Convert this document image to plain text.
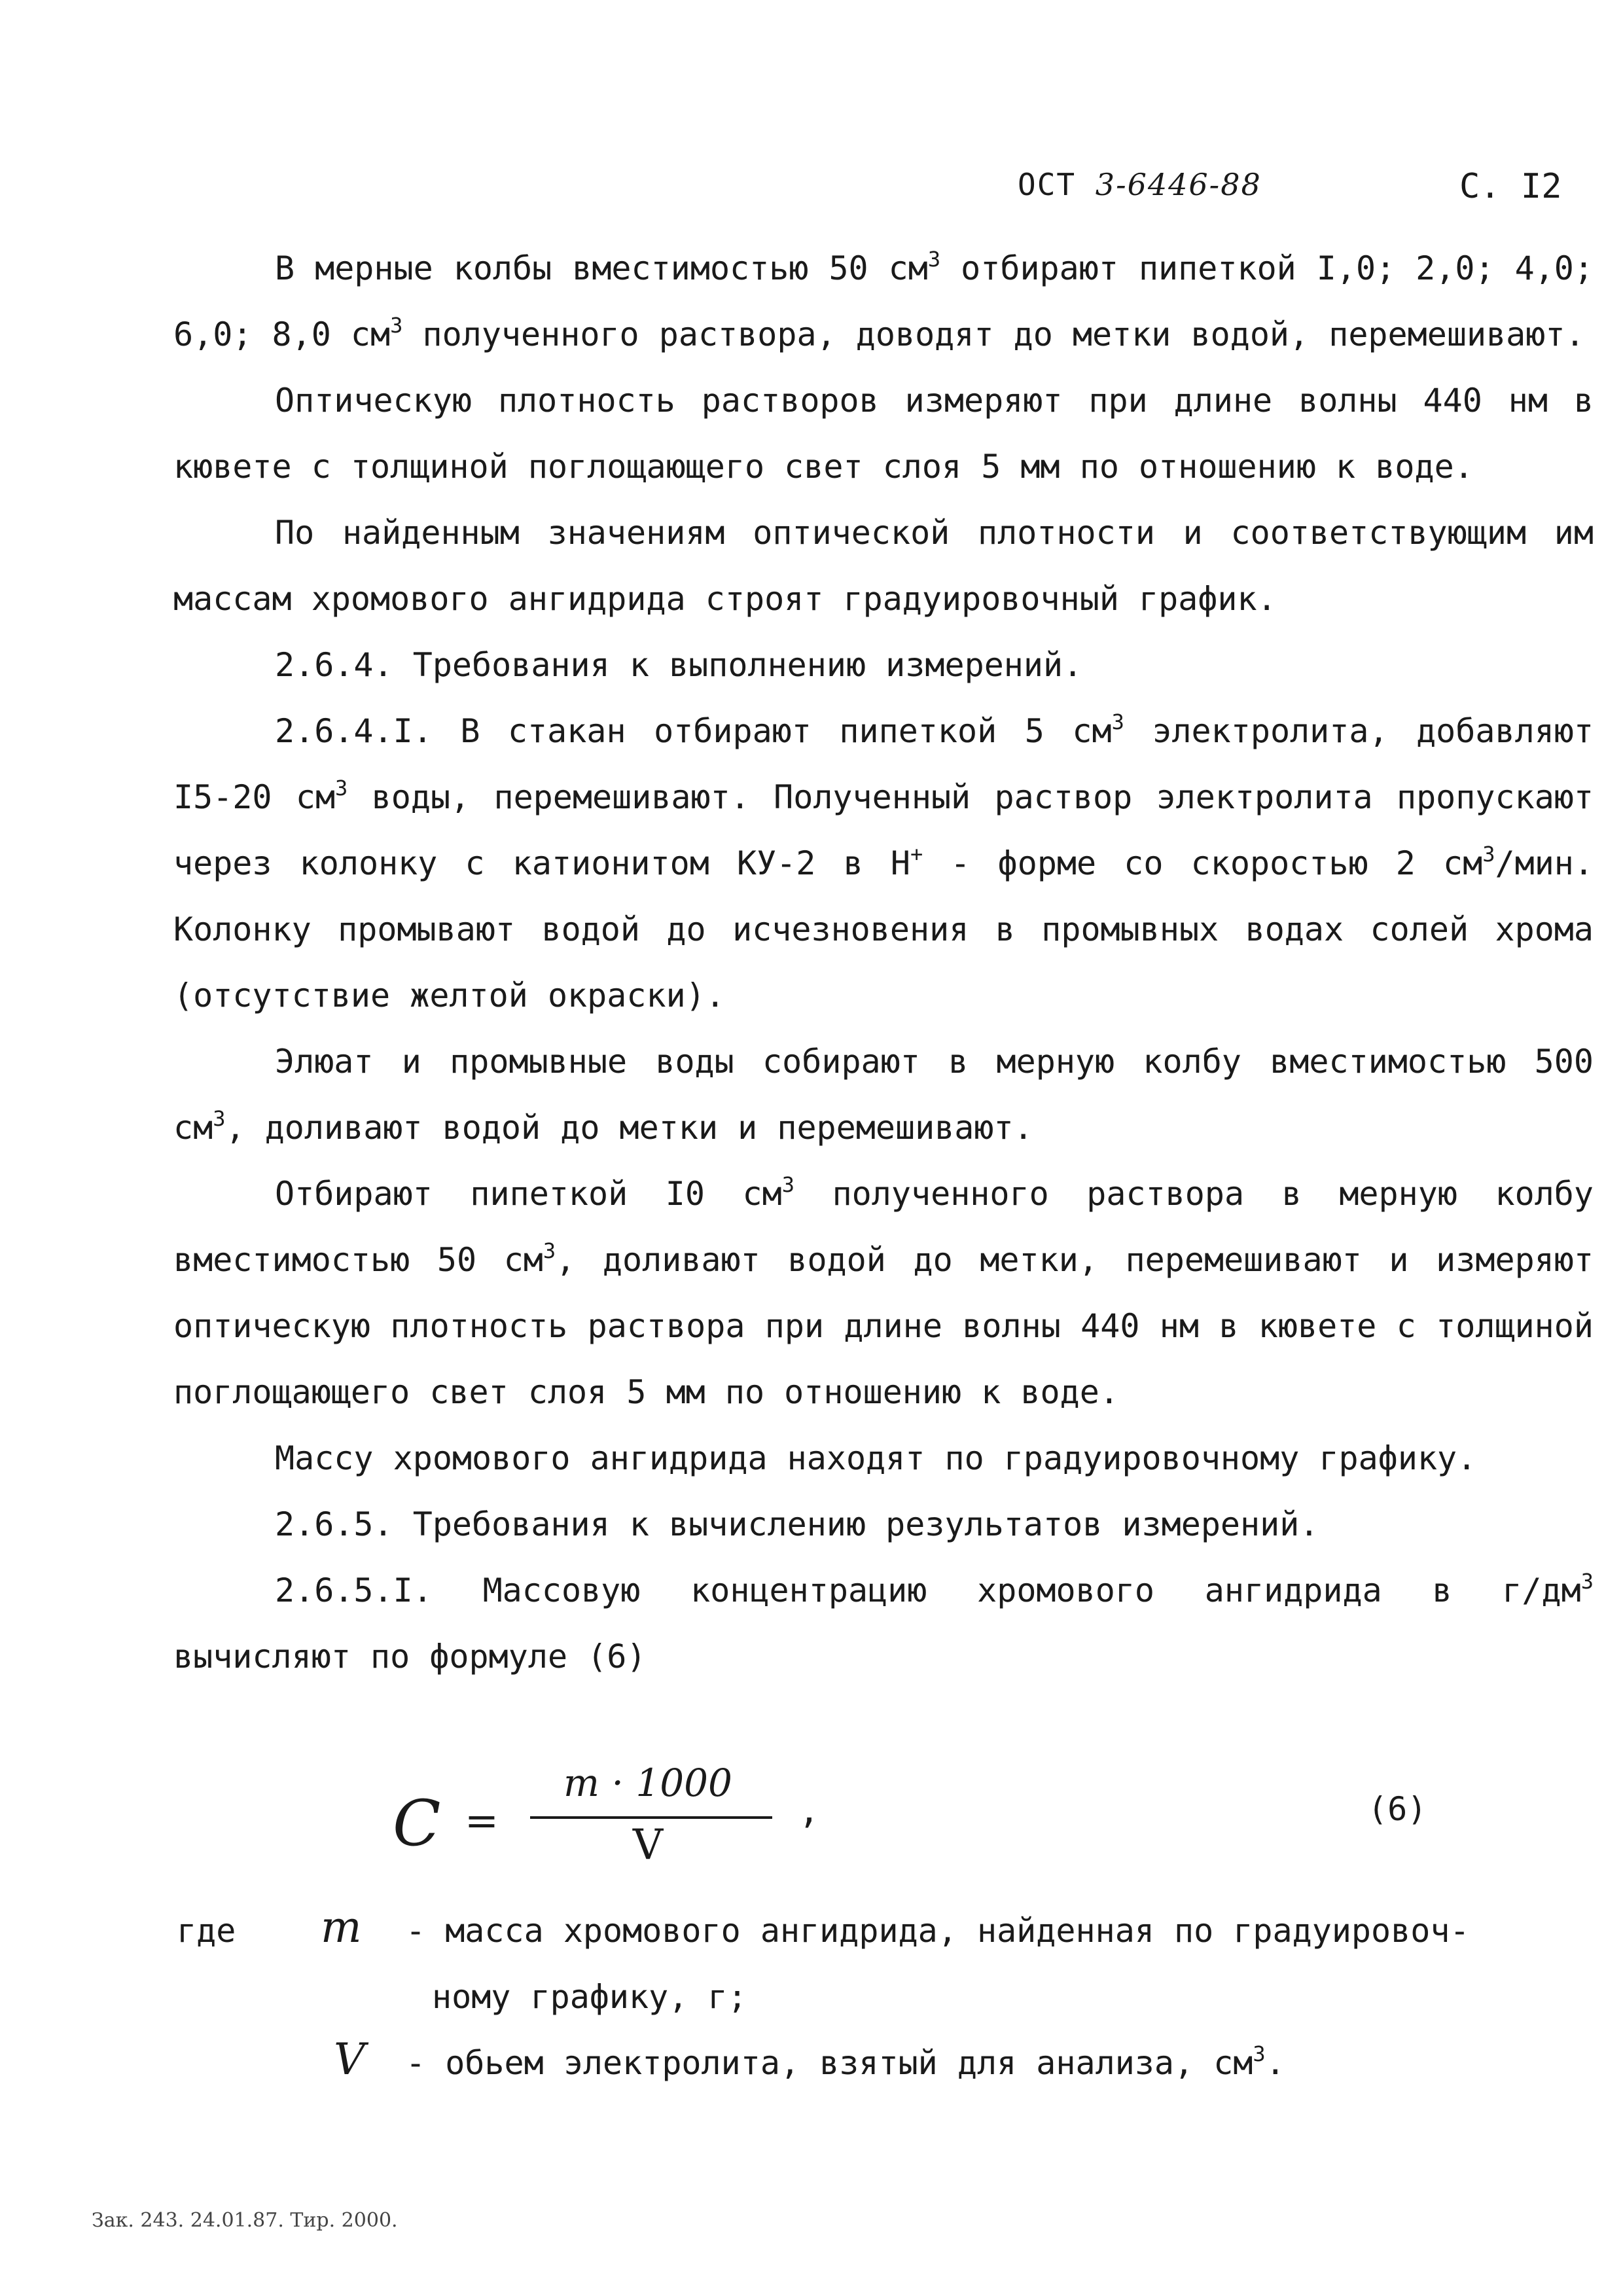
ОСТ 3-6446-88	С. I2

В мерные колбы вместимостью 50 $см^3$ отбирают пипеткой I,0; 2,0; 4,0; 6,0; 8,0 $см^3$ полученного раствора, доводят до метки водой, перемешивают.

Оптическую плотность растворов измеряют при длине волны 440 нм в кювете с толщиной поглощающего свет слоя 5 мм по отношению к воде.

По найденным значениям оптической плотности и соответствующим им массам хромового ангидрида строят градуировочный график.

2.6.4. Требования к выполнению измерений.

2.6.4.I. В стакан отбирают пипеткой 5 $см^3$ электролита, добавляют I5-20 $см^3$ воды, перемешивают. Полученный раствор электролита пропускают через колонку с катионитом КУ-2 в Н+ - форме со скоростью 2 $см^3$/мин. Колонку промывают водой до исчезновения в промывных водах солей хрома (отсутствие желтой окраски).

Элюат и промывные воды собирают в мерную колбу вместимостью 500 $см^3$, доливают водой до метки и перемешивают.

Отбирают пипеткой I0 $см^3$ полученного раствора в мерную колбу вместимостью 50 $см^3$, доливают водой до метки, перемешивают и измеряют оптическую плотность раствора при длине волны 440 нм в кювете с толщиной поглощающего свет слоя 5 мм по отношению к воде.

Массу хромового ангидрида находят по градуировочному графику.

2.6.5. Требования к вычислению результатов измерений.

2.6.5.I. Массовую концентрацию хромового ангидрида в $г/дм^3$ вычисляют по формуле (6)

C =
m · 1000
V
,	(6)
где m - масса хромового ангидрида, найденная по градуировоч-
ному графику, г;
V - обьем электролита, взятый для анализа, $см^3$.
Зак. 243. 24.01.87. Тир. 2000.
